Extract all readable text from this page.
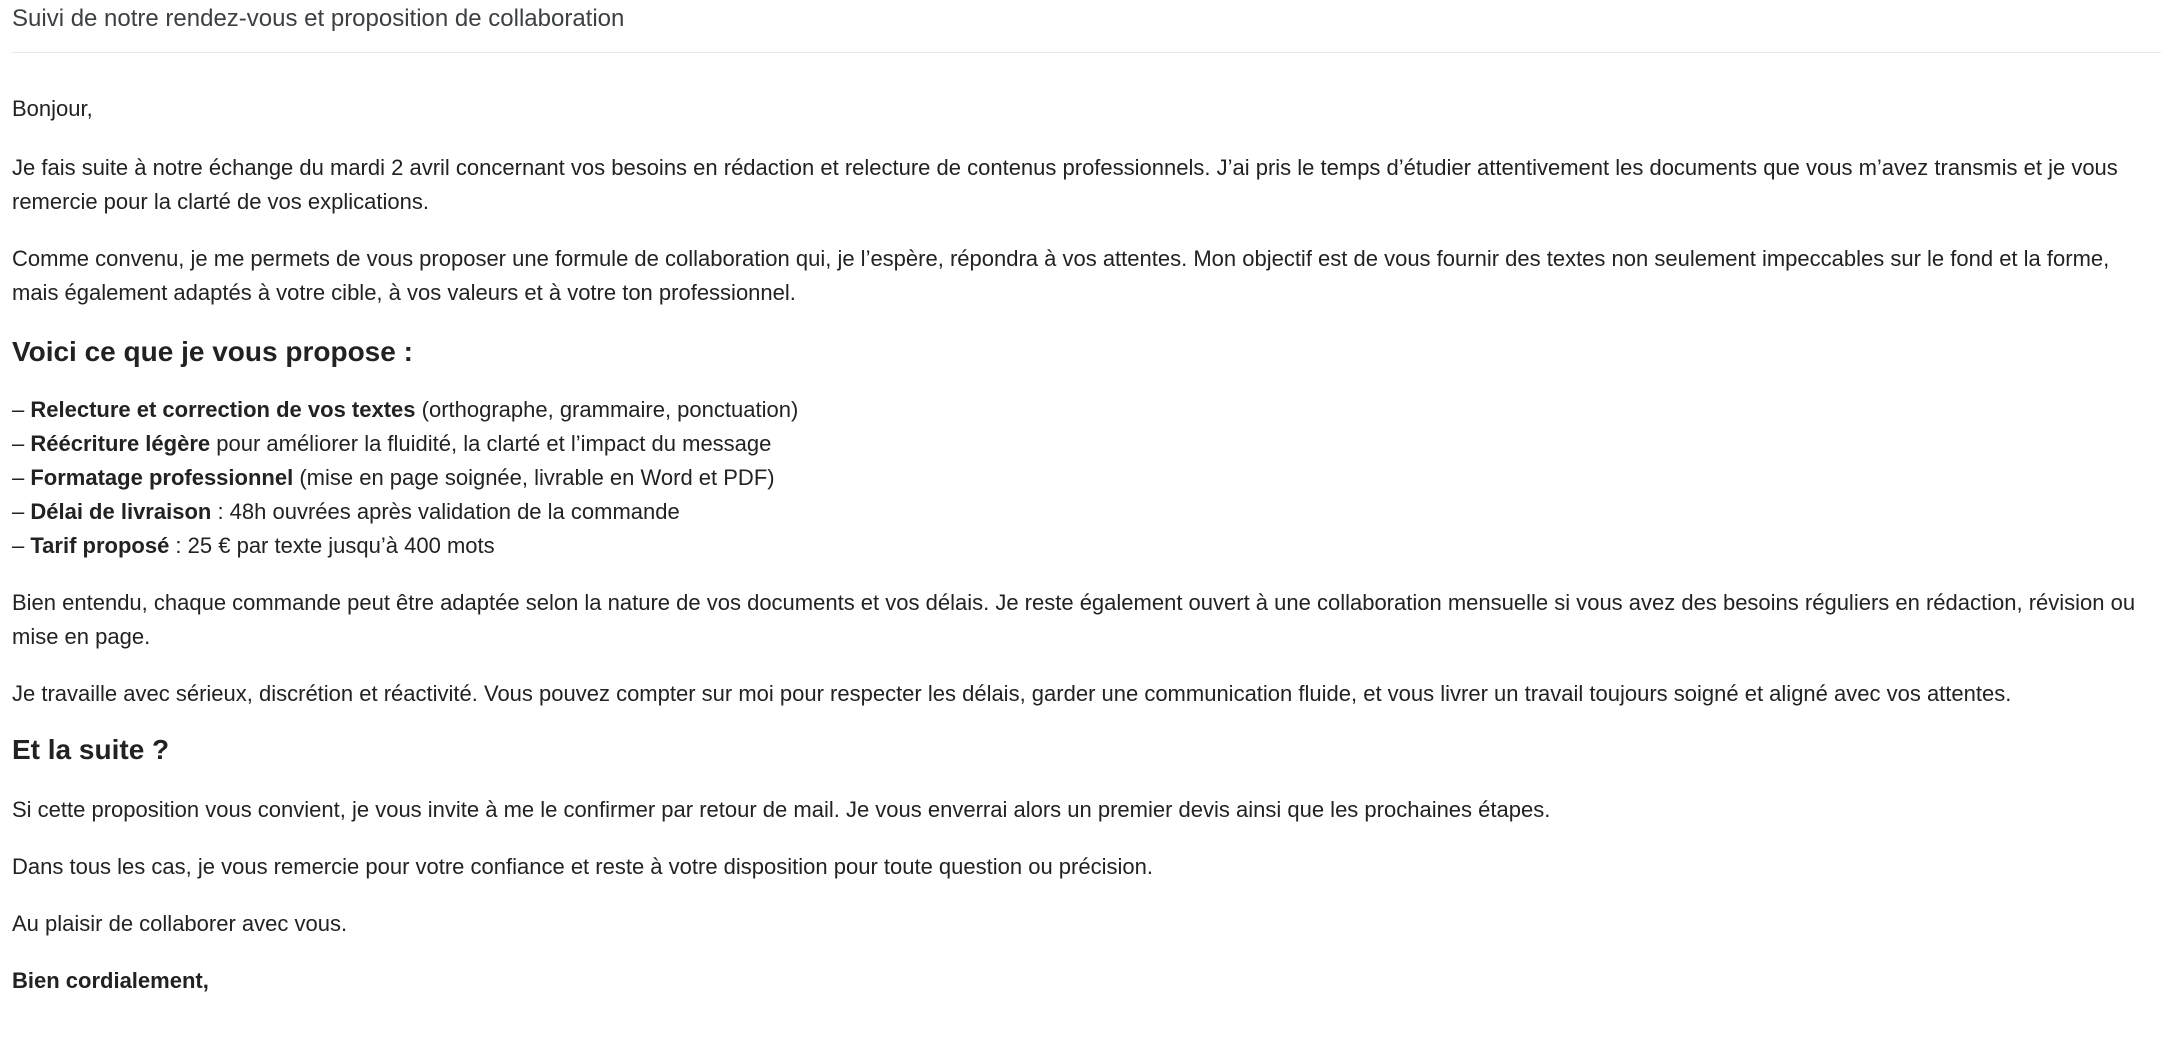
Suivi de notre rendez-vous et proposition de collaboration

Bonjour,

Je fais suite à notre échange du mardi 2 avril concernant vos besoins en rédaction et relecture de contenus professionnels. J’ai pris le temps d’étudier attentivement les documents que vous m’avez transmis et je vous remercie pour la clarté de vos explications.

Comme convenu, je me permets de vous proposer une formule de collaboration qui, je l’espère, répondra à vos attentes. Mon objectif est de vous fournir des textes non seulement impeccables sur le fond et la forme, mais également adaptés à votre cible, à vos valeurs et à votre ton professionnel.

Voici ce que je vous propose :
– Relecture et correction de vos textes (orthographe, grammaire, ponctuation)
– Réécriture légère pour améliorer la fluidité, la clarté et l’impact du message
– Formatage professionnel (mise en page soignée, livrable en Word et PDF)
– Délai de livraison : 48h ouvrées après validation de la commande
– Tarif proposé : 25 € par texte jusqu’à 400 mots

Bien entendu, chaque commande peut être adaptée selon la nature de vos documents et vos délais. Je reste également ouvert à une collaboration mensuelle si vous avez des besoins réguliers en rédaction, révision ou mise en page.

Je travaille avec sérieux, discrétion et réactivité. Vous pouvez compter sur moi pour respecter les délais, garder une communication fluide, et vous livrer un travail toujours soigné et aligné avec vos attentes.

Et la suite ?

Si cette proposition vous convient, je vous invite à me le confirmer par retour de mail. Je vous enverrai alors un premier devis ainsi que les prochaines étapes.

Dans tous les cas, je vous remercie pour votre confiance et reste à votre disposition pour toute question ou précision.

Au plaisir de collaborer avec vous.

Bien cordialement,
